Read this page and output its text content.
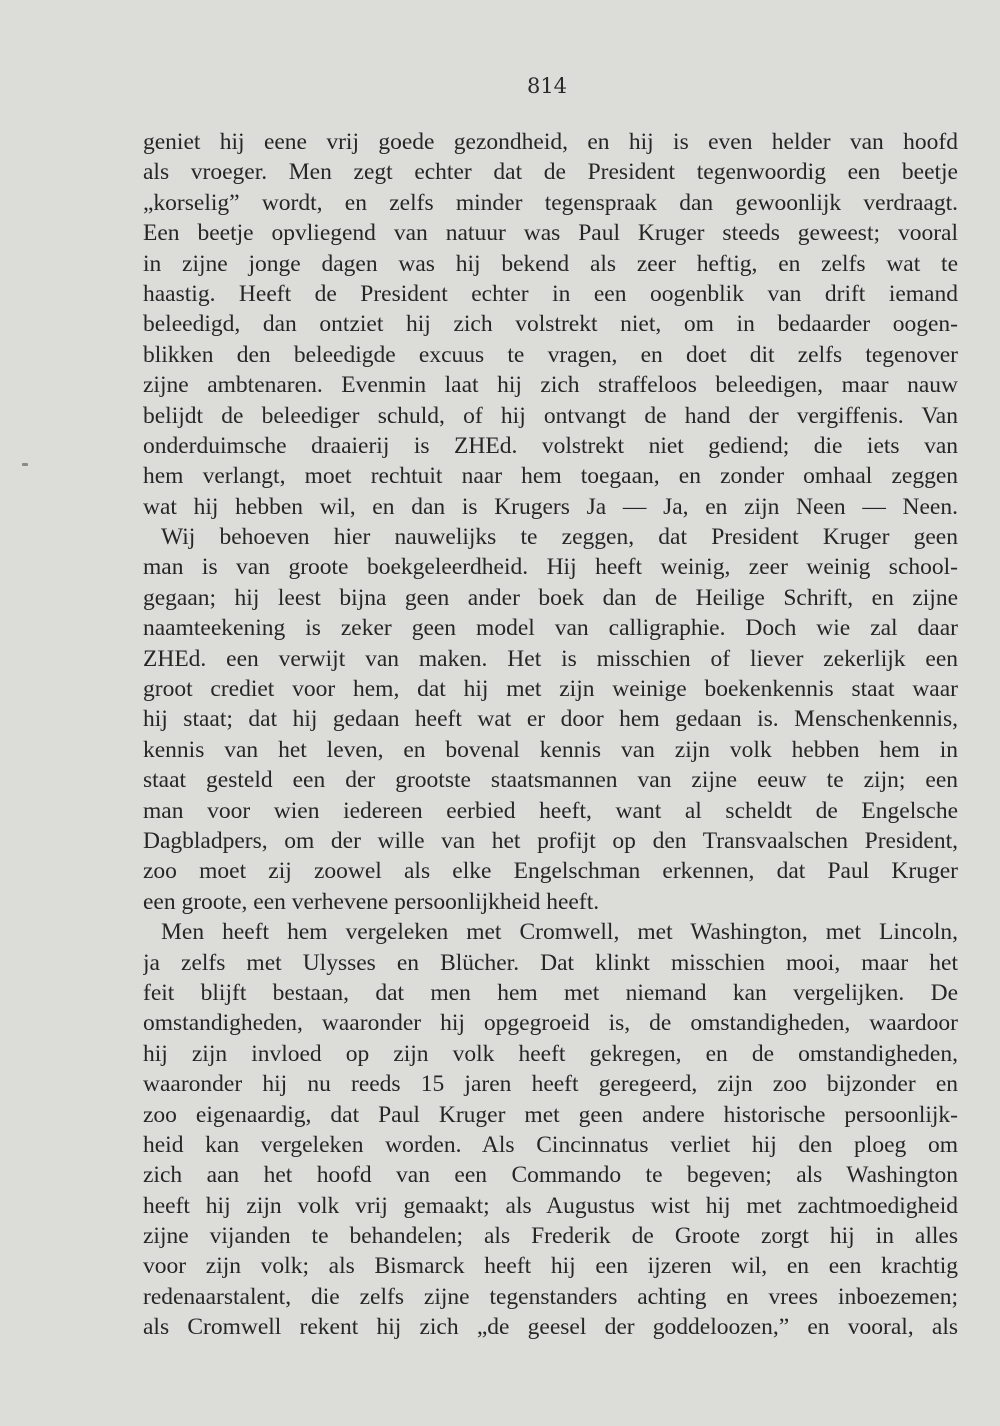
814
geniet hij eene vrij goede gezondheid, en hij is even helder van hoofd
als vroeger. Men zegt echter dat de President tegenwoordig een beetje
„korselig” wordt, en zelfs minder tegenspraak dan gewoonlijk verdraagt.
Een beetje opvliegend van natuur was Paul Kruger steeds geweest; vooral
in zijne jonge dagen was hij bekend als zeer heftig, en zelfs wat te
haastig. Heeft de President echter in een oogenblik van drift iemand
beleedigd, dan ontziet hij zich volstrekt niet, om in bedaarder oogen-
blikken den beleedigde excuus te vragen, en doet dit zelfs tegenover
zijne ambtenaren. Evenmin laat hij zich straffeloos beleedigen, maar nauw
belijdt de beleediger schuld, of hij ontvangt de hand der vergiffenis. Van
onderduimsche draaierij is ZHEd. volstrekt niet gediend; die iets van
hem verlangt, moet rechtuit naar hem toegaan, en zonder omhaal zeggen
wat hij hebben wil, en dan is Krugers Ja — Ja, en zijn Neen — Neen.
Wij behoeven hier nauwelijks te zeggen, dat President Kruger geen
man is van groote boekgeleerdheid. Hij heeft weinig, zeer weinig school-
gegaan; hij leest bijna geen ander boek dan de Heilige Schrift, en zijne
naamteekening is zeker geen model van calligraphie. Doch wie zal daar
ZHEd. een verwijt van maken. Het is misschien of liever zekerlijk een
groot crediet voor hem, dat hij met zijn weinige boekenkennis staat waar
hij staat; dat hij gedaan heeft wat er door hem gedaan is. Menschenkennis,
kennis van het leven, en bovenal kennis van zijn volk hebben hem in
staat gesteld een der grootste staatsmannen van zijne eeuw te zijn; een
man voor wien iedereen eerbied heeft, want al scheldt de Engelsche
Dagbladpers, om der wille van het profijt op den Transvaalschen President,
zoo moet zij zoowel als elke Engelschman erkennen, dat Paul Kruger
een groote, een verhevene persoonlijkheid heeft.
Men heeft hem vergeleken met Cromwell, met Washington, met Lincoln,
ja zelfs met Ulysses en Blücher. Dat klinkt misschien mooi, maar het
feit blijft bestaan, dat men hem met niemand kan vergelijken. De
omstandigheden, waaronder hij opgegroeid is, de omstandigheden, waardoor
hij zijn invloed op zijn volk heeft gekregen, en de omstandigheden,
waaronder hij nu reeds 15 jaren heeft geregeerd, zijn zoo bijzonder en
zoo eigenaardig, dat Paul Kruger met geen andere historische persoonlijk-
heid kan vergeleken worden. Als Cincinnatus verliet hij den ploeg om
zich aan het hoofd van een Commando te begeven; als Washington
heeft hij zijn volk vrij gemaakt; als Augustus wist hij met zachtmoedigheid
zijne vijanden te behandelen; als Frederik de Groote zorgt hij in alles
voor zijn volk; als Bismarck heeft hij een ijzeren wil, en een krachtig
redenaarstalent, die zelfs zijne tegenstanders achting en vrees inboezemen;
als Cromwell rekent hij zich „de geesel der goddeloozen,” en vooral, als
